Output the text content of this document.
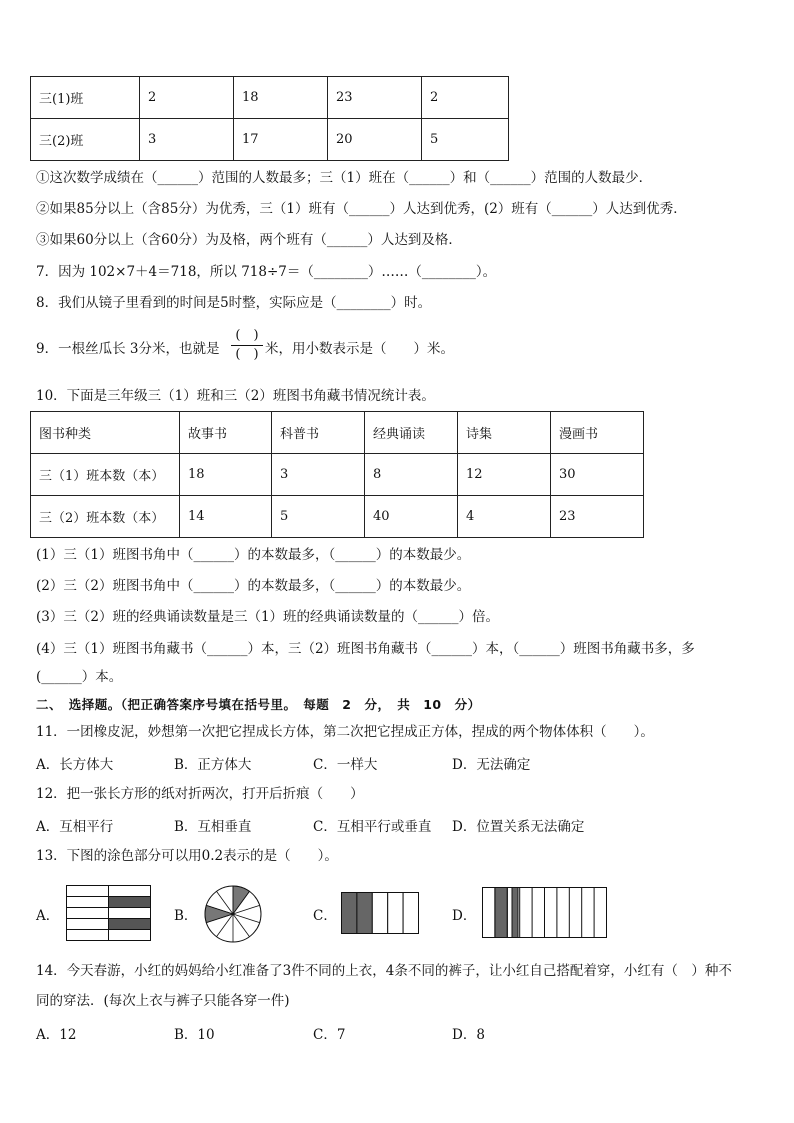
三(1)班	2	18	23	2
三(2)班	3	17	20	5
①这次数学成绩在（______）范围的人数最多；三（1）班在（______）和（______）范围的人数最少．
②如果85分以上（含85分）为优秀，三（1）班有（______）人达到优秀，(2）班有（______）人达到优秀．
③如果60分以上（含60分）为及格，两个班有（______）人达到及格．
7．因为 102×7＋4＝718，所以 718÷7＝（________）……（________）。
8．我们从镜子里看到的时间是5时整，实际应是（________）时。
9．一根丝瓜长 3分米，也就是
(　)
(　) 米，用小数表示是（　　）米。
10．下面是三年级三（1）班和三（2）班图书角藏书情况统计表。
图书种类	故事书	科普书	经典诵读	诗集	漫画书
三（1）班本数（本）	18	3	8	12	30
三（2）班本数（本）	14	5	40	4	23
(1）三（1）班图书角中（______）的本数最多，（______）的本数最少。
(2）三（2）班图书角中（______）的本数最多，（______）的本数最少。
(3）三（2）班的经典诵读数量是三（1）班的经典诵读数量的（______）倍。
(4）三（1）班图书角藏书（______）本，三（2）班图书角藏书（______）本，（______）班图书角藏书多，多
(______）本。
二、　选择题。（把正确答案序号填在括号里。　每题　2　分，　共　10　分）
11．一团橡皮泥，妙想第一次把它捏成长方体，第二次把它捏成正方体，捏成的两个物体体积（　　）。
A．长方体大	B．正方体大	C．一样大	D．无法确定
12．把一张长方形的纸对折两次，打开后折痕（　　）
A．互相平行	B．互相垂直	C．互相平行或垂直 D．位置关系无法确定
13．下图的涂色部分可以用0.2表示的是（　　）。
A．	B．	C．	D．
14．今天春游，小红的妈妈给小红准备了3件不同的上衣，4条不同的裤子，让小红自己搭配着穿，小红有（　）种不
同的穿法．(每次上衣与裤子只能各穿一件)
A．12	B．10	C．7	D．8
